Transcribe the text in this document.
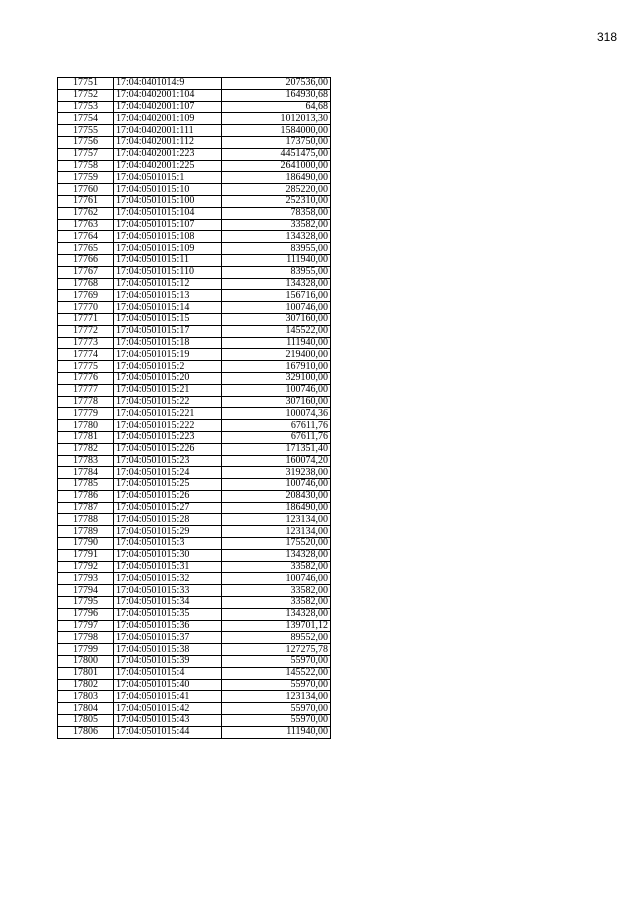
318
17751	17:04:0401014:9	207536,00
17752	17:04:0402001:104	164930,68
17753	17:04:0402001:107	64,68
17754	17:04:0402001:109	1012013,30
17755	17:04:0402001:111	1584000,00
17756	17:04:0402001:112	173750,00
17757	17:04:0402001:223	4451475,00
17758	17:04:0402001:225	2641000,00
17759	17:04:0501015:1	186490,00
17760	17:04:0501015:10	285220,00
17761	17:04:0501015:100	252310,00
17762	17:04:0501015:104	78358,00
17763	17:04:0501015:107	33582,00
17764	17:04:0501015:108	134328,00
17765	17:04:0501015:109	83955,00
17766	17:04:0501015:11	111940,00
17767	17:04:0501015:110	83955,00
17768	17:04:0501015:12	134328,00
17769	17:04:0501015:13	156716,00
17770	17:04:0501015:14	100746,00
17771	17:04:0501015:15	307160,00
17772	17:04:0501015:17	145522,00
17773	17:04:0501015:18	111940,00
17774	17:04:0501015:19	219400,00
17775	17:04:0501015:2	167910,00
17776	17:04:0501015:20	329100,00
17777	17:04:0501015:21	100746,00
17778	17:04:0501015:22	307160,00
17779	17:04:0501015:221	100074,36
17780	17:04:0501015:222	67611,76
17781	17:04:0501015:223	67611,76
17782	17:04:0501015:226	171351,40
17783	17:04:0501015:23	160074,20
17784	17:04:0501015:24	319238,00
17785	17:04:0501015:25	100746,00
17786	17:04:0501015:26	208430,00
17787	17:04:0501015:27	186490,00
17788	17:04:0501015:28	123134,00
17789	17:04:0501015:29	123134,00
17790	17:04:0501015:3	175520,00
17791	17:04:0501015:30	134328,00
17792	17:04:0501015:31	33582,00
17793	17:04:0501015:32	100746,00
17794	17:04:0501015:33	33582,00
17795	17:04:0501015:34	33582,00
17796	17:04:0501015:35	134328,00
17797	17:04:0501015:36	139701,12
17798	17:04:0501015:37	89552,00
17799	17:04:0501015:38	127275,78
17800	17:04:0501015:39	55970,00
17801	17:04:0501015:4	145522,00
17802	17:04:0501015:40	55970,00
17803	17:04:0501015:41	123134,00
17804	17:04:0501015:42	55970,00
17805	17:04:0501015:43	55970,00
17806	17:04:0501015:44	111940,00
